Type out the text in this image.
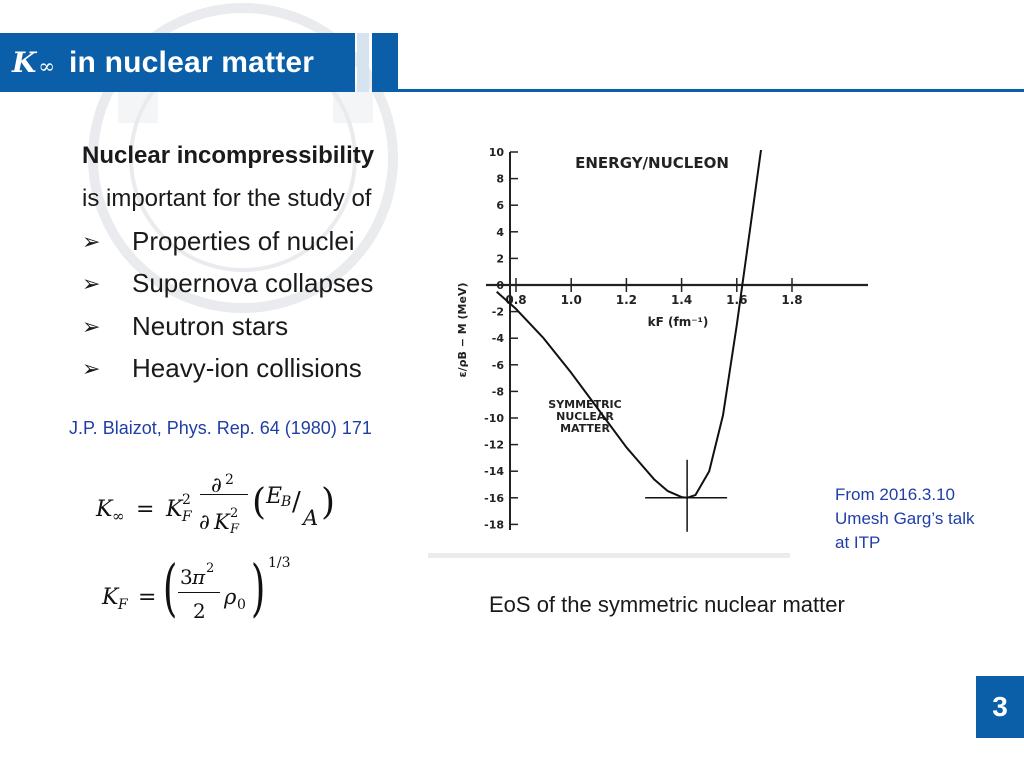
K ∞ in nuclear matter
Nuclear incompressibility
is important for the study of
➢	Properties of nuclei
➢	Supernova collapses
➢	Neutron stars
➢	Heavy-ion collisions
J.P. Blaizot, Phys. Rep. 64 (1980) 171
K ∞ = K 2
F
∂ 2
∂ K 2
F
( E
B /
A )
K F = ( 3 π 2
2
ρ 0 ) 1/3
10
8
6
4
2
0
-2
-4
-6
-8
-10
-12
-14
-16
-18
0.8	1.0	1.2	1.4	1.6	1.8
ENERGY/NUCLEON
kF (fm⁻¹)
ε/ρB − M (MeV)
SYMMETRIC
NUCLEAR
MATTER
From 2016.3.10
Umesh Garg’s talk
at ITP
EoS of the symmetric nuclear matter
3
